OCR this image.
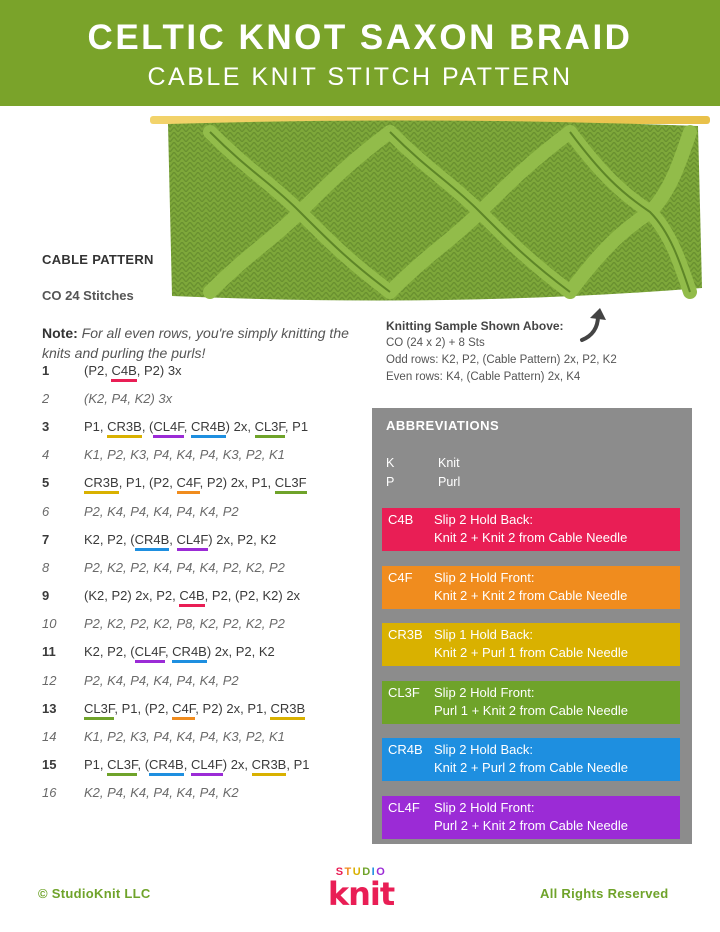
CELTIC KNOT SAXON BRAID
CABLE KNIT STITCH PATTERN
CABLE PATTERN
CO 24 Stitches
Note: For all even rows, you're simply knitting the knits and purling the purls!
1	(P2, C4B, P2) 3x
2	(K2, P4, K2) 3x
3	P1, CR3B, (CL4F, CR4B) 2x, CL3F, P1
4	K1, P2, K3, P4, K4, P4, K3, P2, K1
5	CR3B, P1, (P2, C4F, P2) 2x, P1, CL3F
6	P2, K4, P4, K4, P4, K4, P2
7	K2, P2, (CR4B, CL4F) 2x, P2, K2
8	P2, K2, P2, K4, P4, K4, P2, K2, P2
9	(K2, P2) 2x, P2, C4B, P2, (P2, K2) 2x
10	P2, K2, P2, K2, P8, K2, P2, K2, P2
11	K2, P2, (CL4F, CR4B) 2x, P2, K2
12	P2, K4, P4, K4, P4, K4, P2
13	CL3F, P1, (P2, C4F, P2) 2x, P1, CR3B
14	K1, P2, K3, P4, K4, P4, K3, P2, K1
15	P1, CL3F, (CR4B, CL4F) 2x, CR3B, P1
16	K2, P4, K4, P4, K4, P4, K2
Knitting Sample Shown Above:
CO (24 x 2) + 8 Sts
Odd rows: K2, P2, (Cable Pattern) 2x, P2, K2
Even rows: K4, (Cable Pattern) 2x, K4
ABBREVIATIONS
K	Knit
P	Purl
C4B Slip 2 Hold Back:
Knit 2 + Knit 2 from Cable Needle
C4F Slip 2 Hold Front:
Knit 2 + Knit 2 from Cable Needle
CR3B Slip 1 Hold Back:
Knit 2 + Purl 1 from Cable Needle
CL3F Slip 2 Hold Front:
Purl 1 + Knit 2 from Cable Needle
CR4B Slip 2 Hold Back:
Knit 2 + Purl 2 from Cable Needle
CL4F Slip 2 Hold Front:
Purl 2 + Knit 2 from Cable Needle
© StudioKnit LLC
STUDIO
knit	All Rights Reserved
